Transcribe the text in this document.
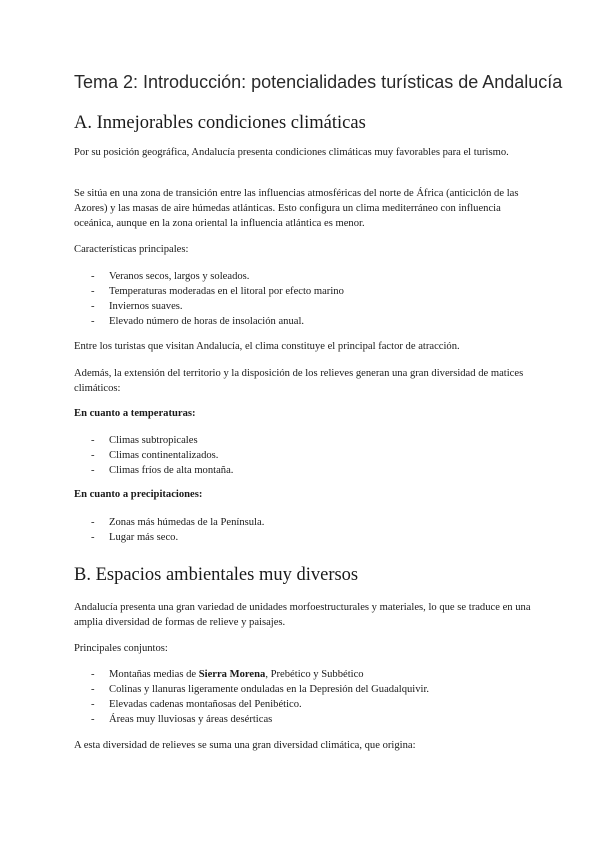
Tema 2: Introducción: potencialidades turísticas de Andalucía
A. Inmejorables condiciones climáticas

Por su posición geográfica, Andalucía presenta condiciones climáticas muy favorables para el turismo.

Se sitúa en una zona de transición entre las influencias atmosféricas del norte de África (anticiclón de las Azores) y las masas de aire húmedas atlánticas. Esto configura un clima mediterráneo con influencia oceánica, aunque en la zona oriental la influencia atlántica es menor.

Características principales:

- Veranos secos, largos y soleados.
- Temperaturas moderadas en el litoral por efecto marino
- Inviernos suaves.
- Elevado número de horas de insolación anual.

Entre los turistas que visitan Andalucía, el clima constituye el principal factor de atracción.

Además, la extensión del territorio y la disposición de los relieves generan una gran diversidad de matices climáticos:

En cuanto a temperaturas:

- Climas subtropicales
- Climas continentalizados.
- Climas fríos de alta montaña.

En cuanto a precipitaciones:

- Zonas más húmedas de la Península.
- Lugar más seco.
B. Espacios ambientales muy diversos

Andalucía presenta una gran variedad de unidades morfoestructurales y materiales, lo que se traduce en una amplia diversidad de formas de relieve y paisajes.

Principales conjuntos:

- Montañas medias de Sierra Morena, Prebético y Subbético
- Colinas y llanuras ligeramente onduladas en la Depresión del Guadalquivir.
- Elevadas cadenas montañosas del Penibético.
- Áreas muy lluviosas y áreas desérticas

A esta diversidad de relieves se suma una gran diversidad climática, que origina:
